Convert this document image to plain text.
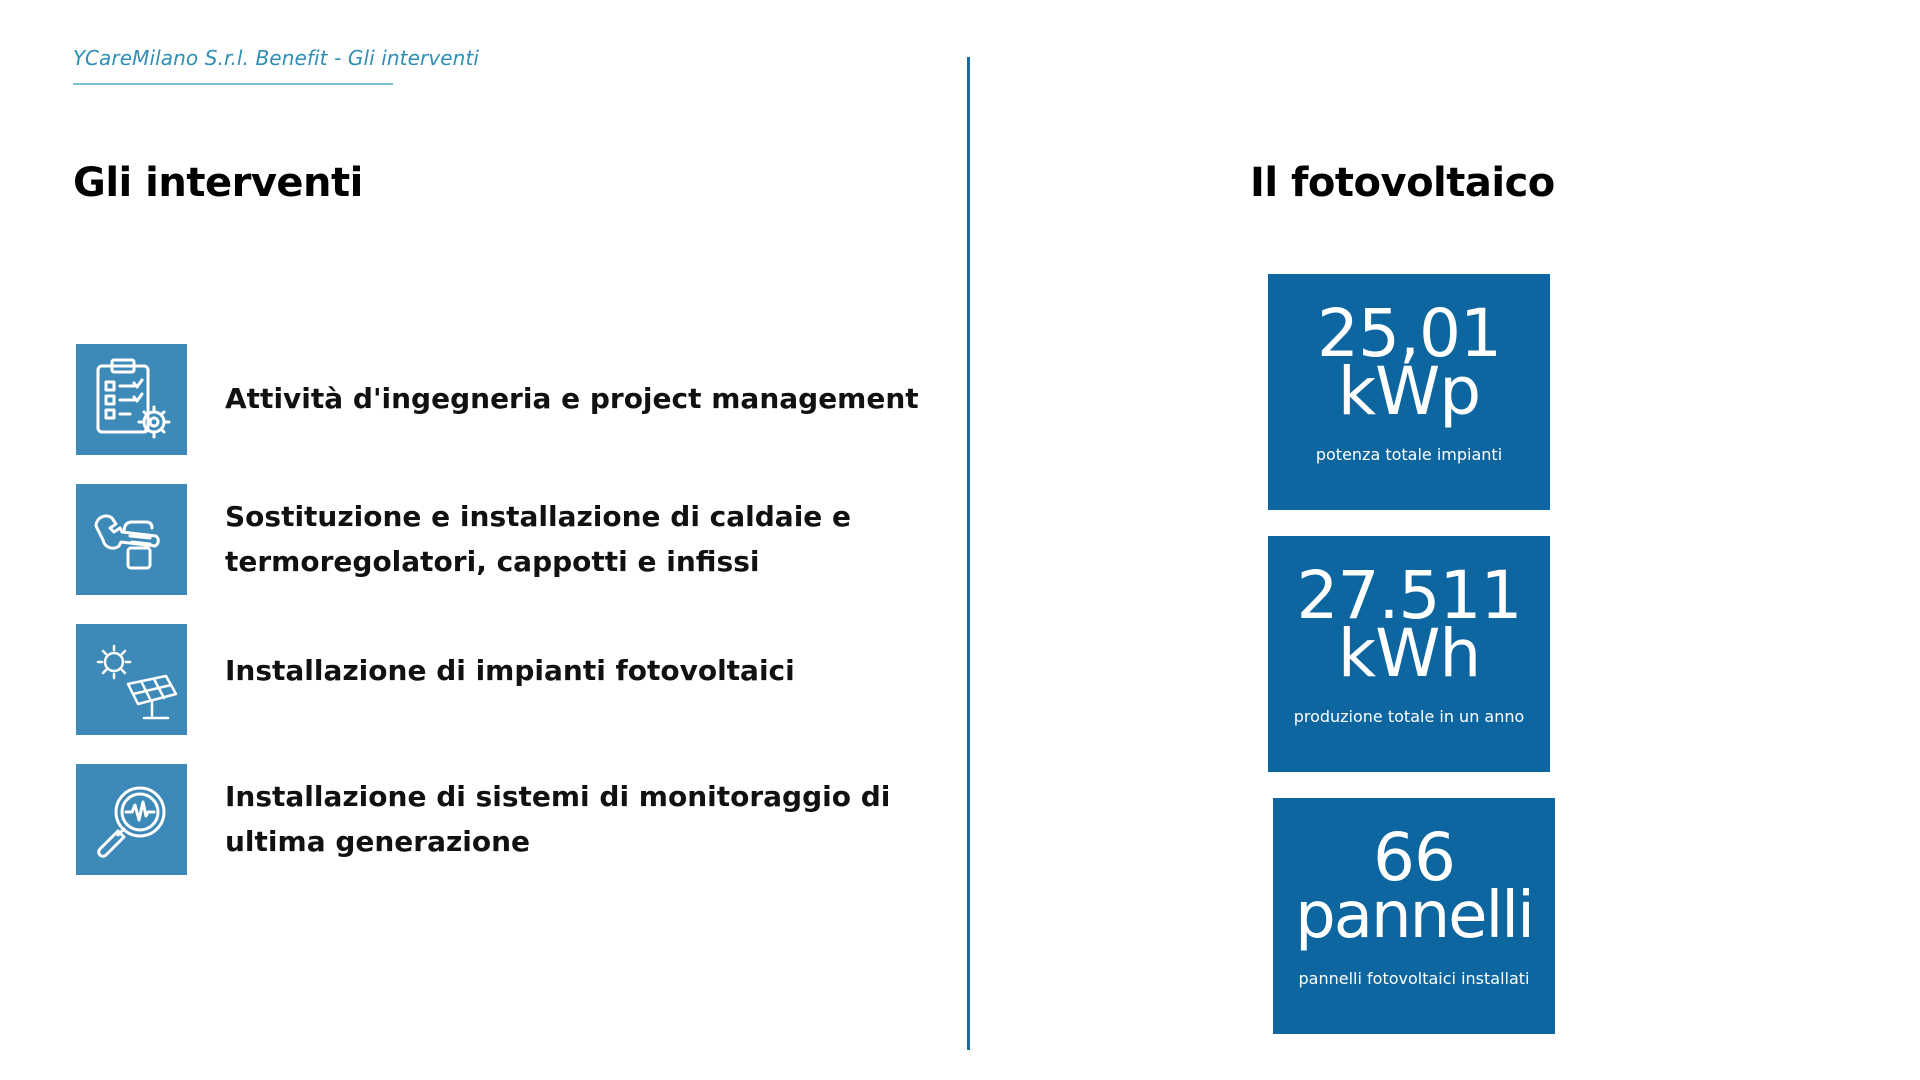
YCareMilano S.r.l. Benefit - Gli interventi
Gli interventi	Il fotovoltaico
Attività d'ingegneria e project management
Sostituzione e installazione di caldaie e termoregolatori, cappotti e infissi
Installazione di impianti fotovoltaici
Installazione di sistemi di monitoraggio di ultima generazione
25,01
kWp
potenza totale impianti
27.511
kWh
produzione totale in un anno
66
pannelli
pannelli fotovoltaici installati
